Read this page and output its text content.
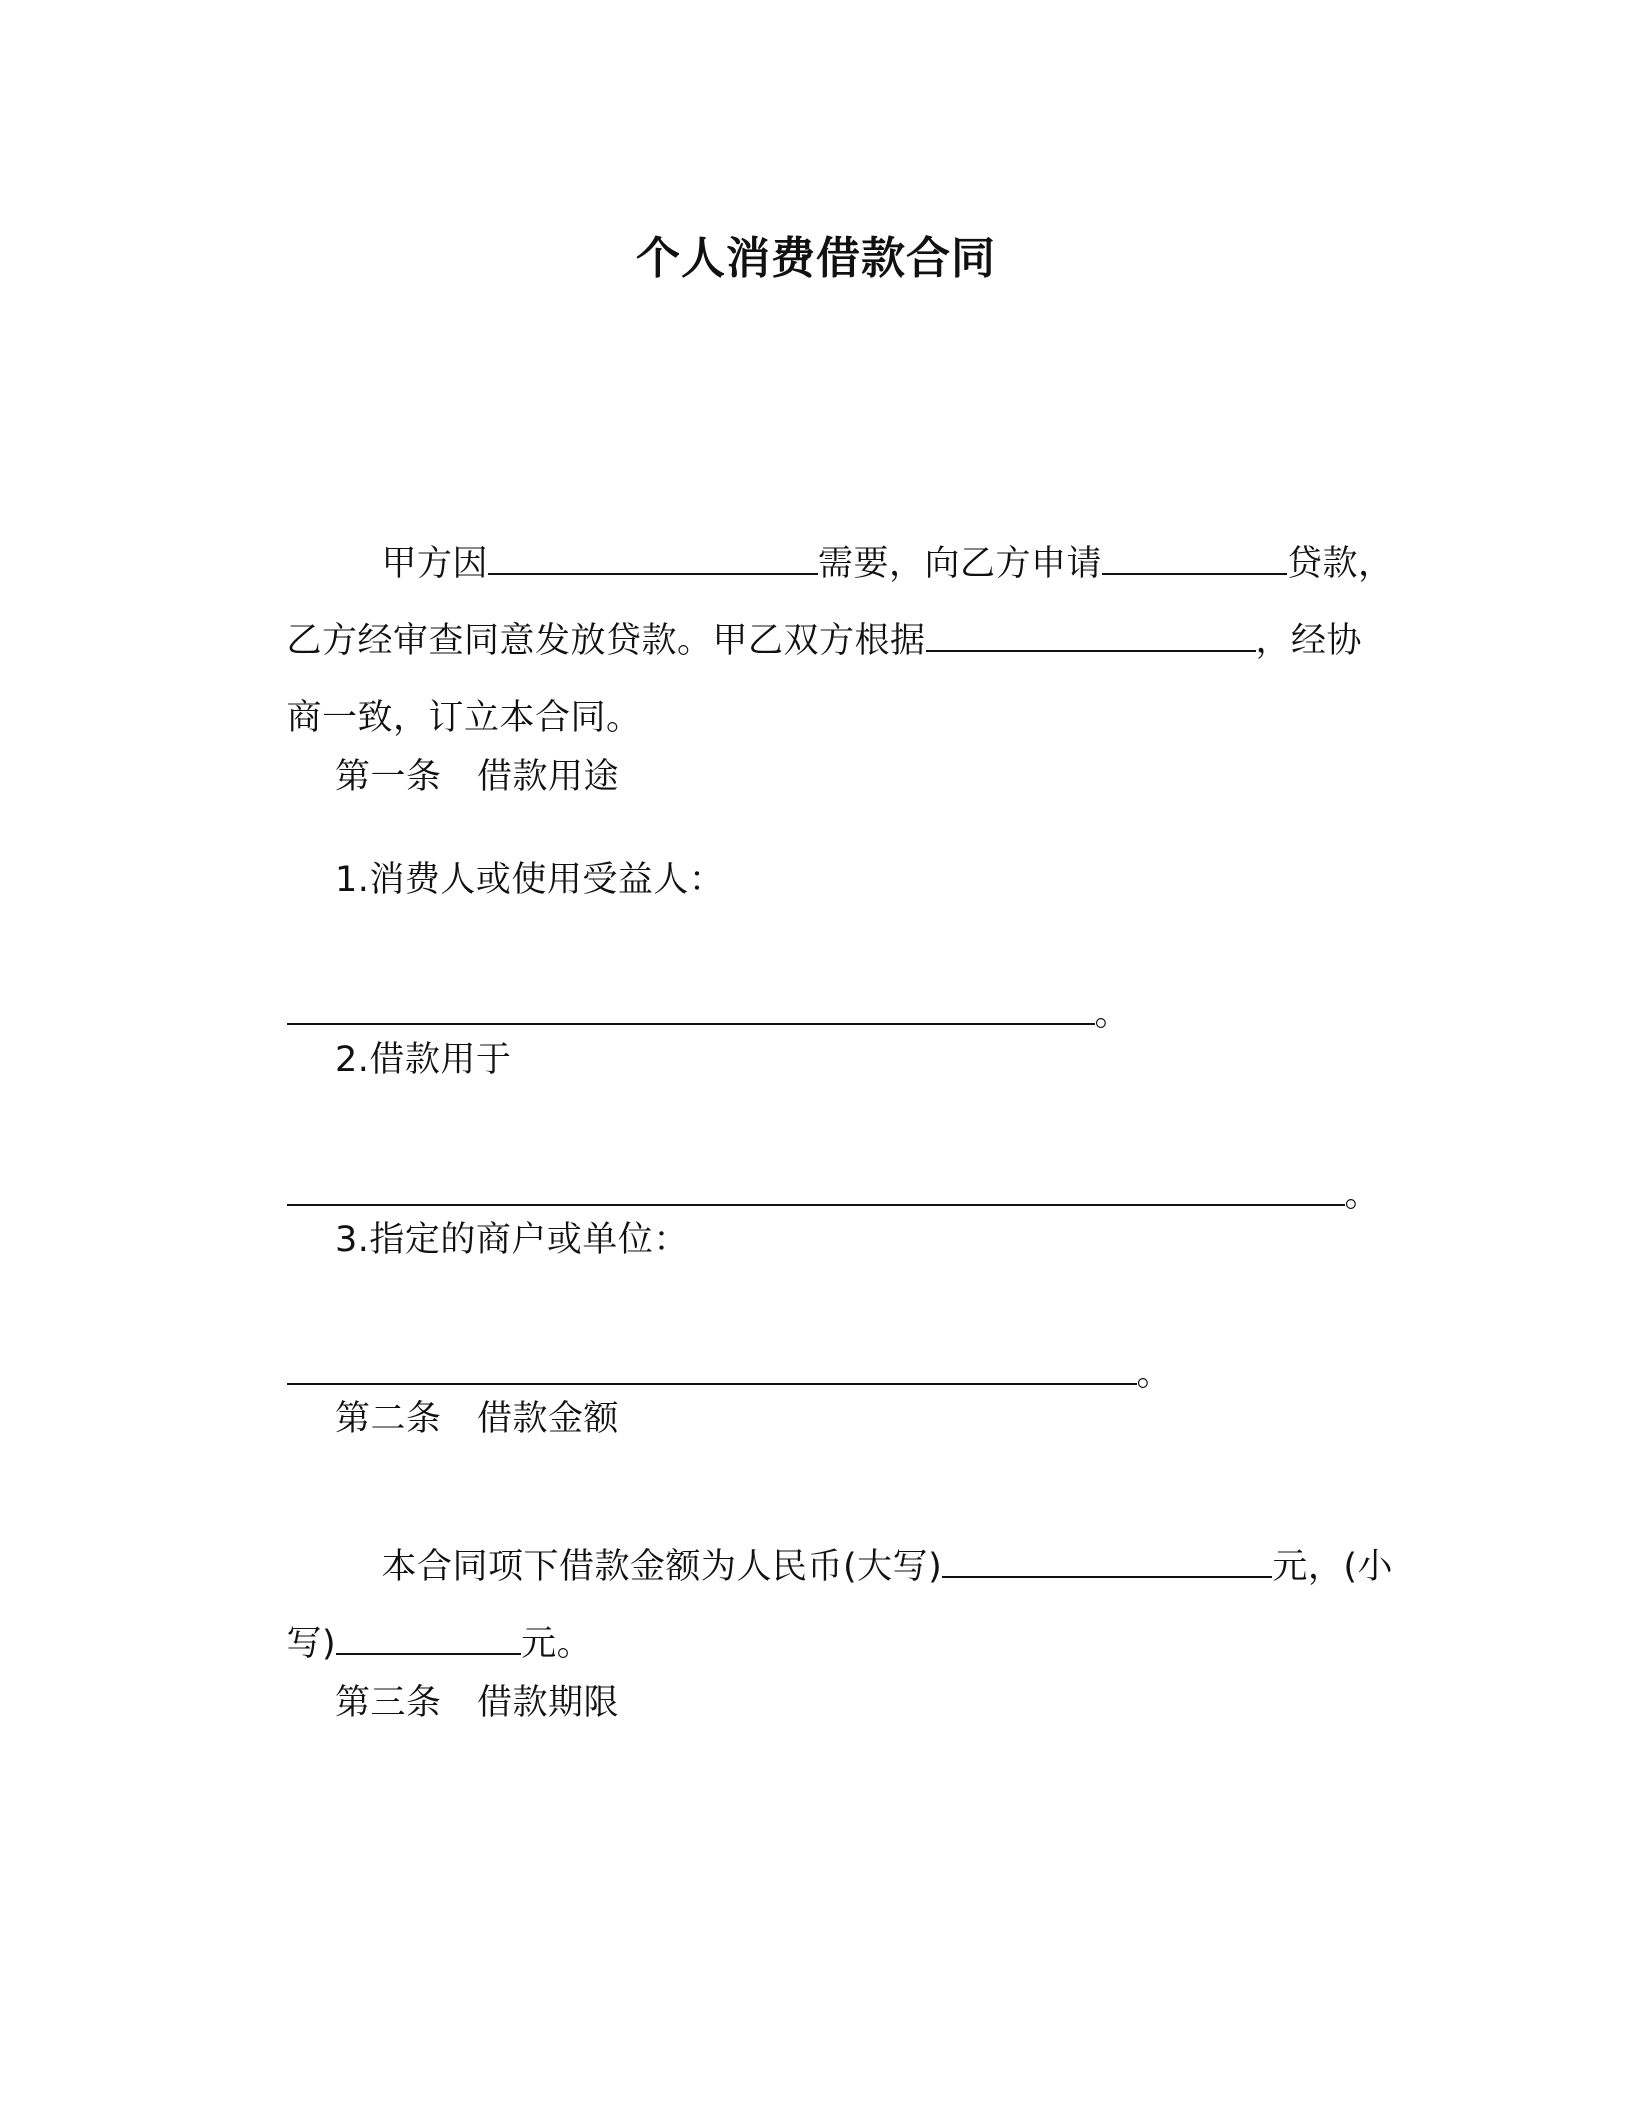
个人消费借款合同

甲方因	需要，向乙方申请	贷款，

乙方经审查同意发放贷款。甲乙双方根据	，经协

商一致，订立本合同。

第一条　借款用途
1.消费人或使用受益人：

。

2.借款用于

。

3.指定的商户或单位：

。

第二条　借款金额

本合同项下借款金额为人民币(大写)	元，(小

写)	元。

第三条　借款期限
